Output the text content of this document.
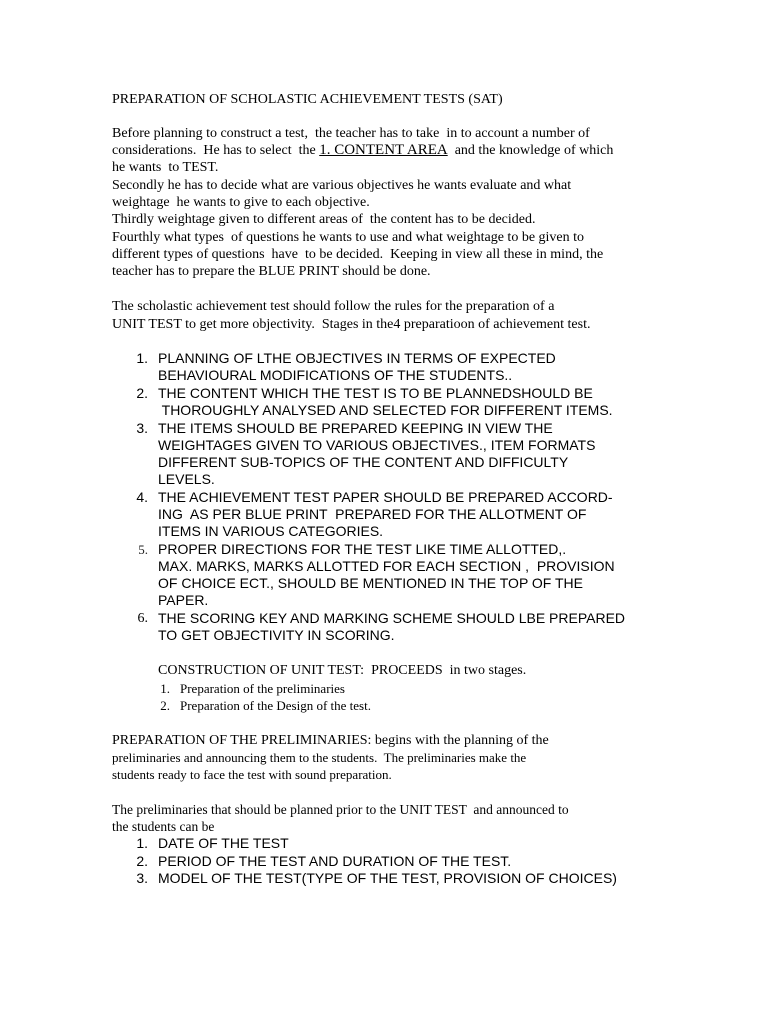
PREPARATION OF SCHOLASTIC ACHIEVEMENT TESTS (SAT)
Before planning to construct a test,  the teacher has to take  in to account a number of
considerations.  He has to select  the 1. CONTENT AREA  and the knowledge of which
he wants  to TEST.
Secondly he has to decide what are various objectives he wants evaluate and what
weightage  he wants to give to each objective.
Thirdly weightage given to different areas of  the content has to be decided.
Fourthly what types  of questions he wants to use and what weightage to be given to
different types of questions  have  to be decided.  Keeping in view all these in mind, the
teacher has to prepare the BLUE PRINT should be done.
The scholastic achievement test should follow the rules for the preparation of a
UNIT TEST to get more objectivity.  Stages in the4 preparatioon of achievement test.
1. PLANNING OF LTHE OBJECTIVES IN TERMS OF EXPECTED
BEHAVIOURAL MODIFICATIONS OF THE STUDENTS..
2. THE CONTENT WHICH THE TEST IS TO BE PLANNEDSHOULD BE
THOROUGHLY ANALYSED AND SELECTED FOR DIFFERENT ITEMS.
3. THE ITEMS SHOULD BE PREPARED KEEPING IN VIEW THE
WEIGHTAGES GIVEN TO VARIOUS OBJECTIVES., ITEM FORMATS
DIFFERENT SUB-TOPICS OF THE CONTENT AND DIFFICULTY
LEVELS.
4. THE ACHIEVEMENT TEST PAPER SHOULD BE PREPARED ACCORD-
ING  AS PER BLUE PRINT  PREPARED FOR THE ALLOTMENT OF
ITEMS IN VARIOUS CATEGORIES.
5. PROPER DIRECTIONS FOR THE TEST LIKE TIME ALLOTTED,.
MAX. MARKS, MARKS ALLOTTED FOR EACH SECTION ,  PROVISION
OF CHOICE ECT., SHOULD BE MENTIONED IN THE TOP OF THE
PAPER.
6. THE SCORING KEY AND MARKING SCHEME SHOULD LBE PREPARED
TO GET OBJECTIVITY IN SCORING.
CONSTRUCTION OF UNIT TEST:  PROCEEDS  in two stages.
1. Preparation of the preliminaries
2. Preparation of the Design of the test.
PREPARATION OF THE PRELIMINARIES: begins with the planning of the
preliminaries and announcing them to the students.  The preliminaries make the
students ready to face the test with sound preparation.
The preliminaries that should be planned prior to the UNIT TEST  and announced to
the students can be
1. DATE OF THE TEST
2. PERIOD OF THE TEST AND DURATION OF THE TEST.
3. MODEL OF THE TEST(TYPE OF THE TEST, PROVISION OF CHOICES)
